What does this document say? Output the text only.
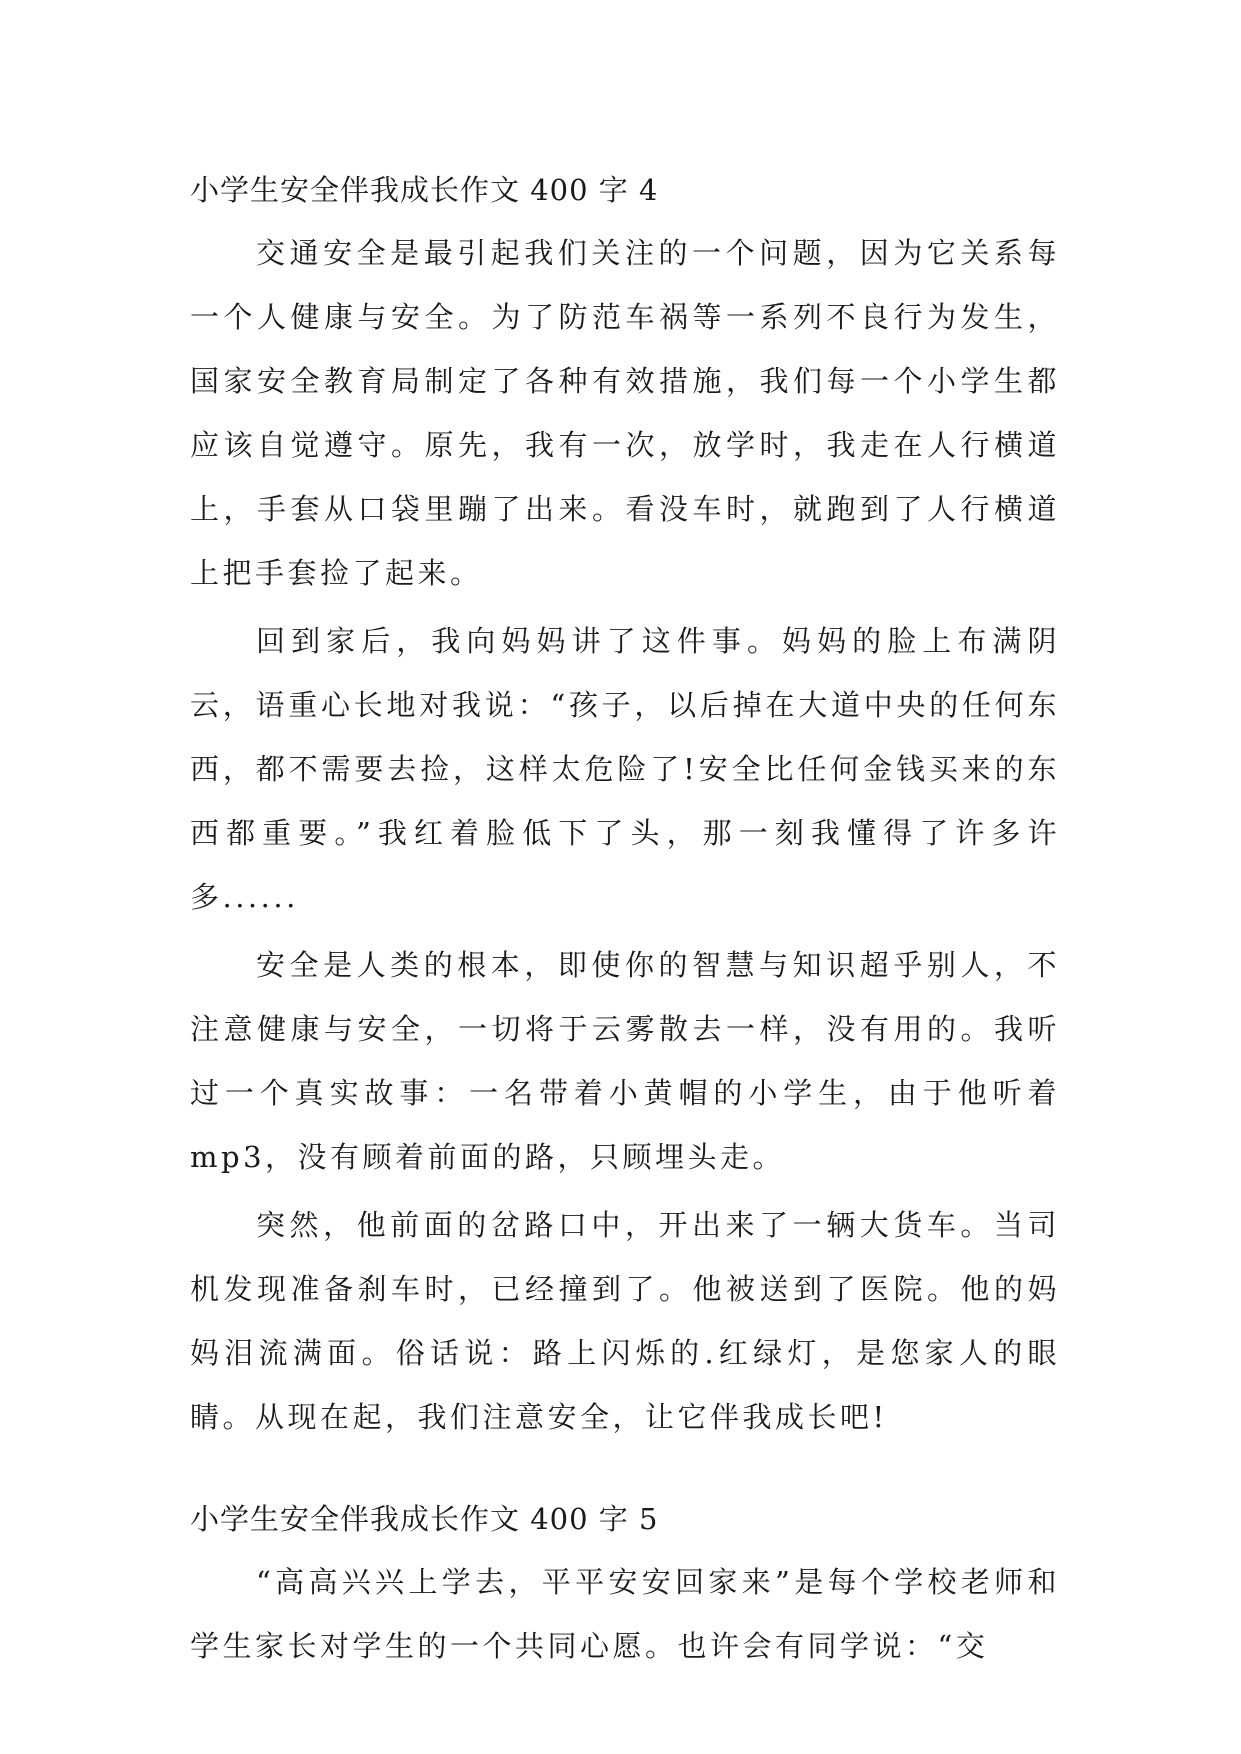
小学生安全伴我成长作文 400 字 4

交通安全是最引起我们关注的一个问题，因为它关系每一个人健康与安全。为了防范车祸等一系列不良行为发生，国家安全教育局制定了各种有效措施，我们每一个小学生都应该自觉遵守。原先，我有一次，放学时，我走在人行横道上，手套从口袋里蹦了出来。看没车时，就跑到了人行横道上把手套捡了起来。

回到家后，我向妈妈讲了这件事。妈妈的脸上布满阴云，语重心长地对我说：“孩子，以后掉在大道中央的任何东西，都不需要去捡，这样太危险了!安全比任何金钱买来的东西都重要。”我红着脸低下了头，那一刻我懂得了许多许多......

安全是人类的根本，即使你的智慧与知识超乎别人，不注意健康与安全，一切将于云雾散去一样，没有用的。我听过一个真实故事：一名带着小黄帽的小学生，由于他听着mp3，没有顾着前面的路，只顾埋头走。

突然，他前面的岔路口中，开出来了一辆大货车。当司机发现准备刹车时，已经撞到了。他被送到了医院。他的妈妈泪流满面。俗话说：路上闪烁的.红绿灯，是您家人的眼睛。从现在起，我们注意安全，让它伴我成长吧!

小学生安全伴我成长作文 400 字 5

“高高兴兴上学去，平平安安回家来”是每个学校老师和学生家长对学生的一个共同心愿。也许会有同学说：“交
